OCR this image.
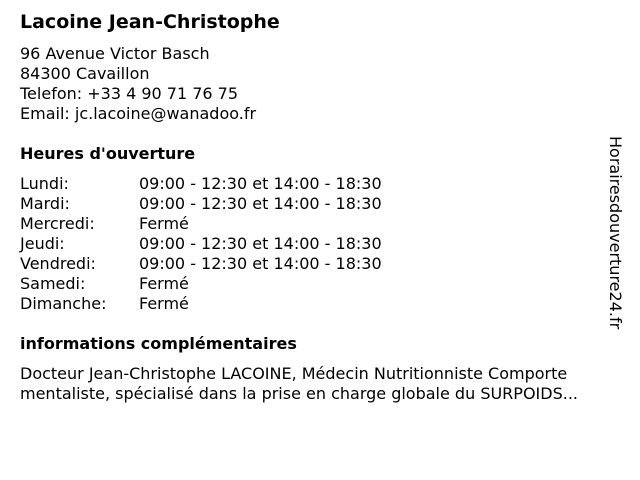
Lacoine Jean-Christophe
96 Avenue Victor Basch
84300 Cavaillon
Telefon: +33 4 90 71 76 75
Email: jc.lacoine@wanadoo.fr
Heures d'ouverture
Lundi:	09:00 - 12:30 et 14:00 - 18:30
Mardi:	09:00 - 12:30 et 14:00 - 18:30
Mercredi:	Fermé
Jeudi:	09:00 - 12:30 et 14:00 - 18:30
Vendredi:	09:00 - 12:30 et 14:00 - 18:30
Samedi:	Fermé
Dimanche: Fermé
informations complémentaires
Docteur Jean-Christophe LACOINE, Médecin Nutritionniste Comporte
mentaliste, spécialisé dans la prise en charge globale du SURPOIDS...
Horairesdouverture24.fr
